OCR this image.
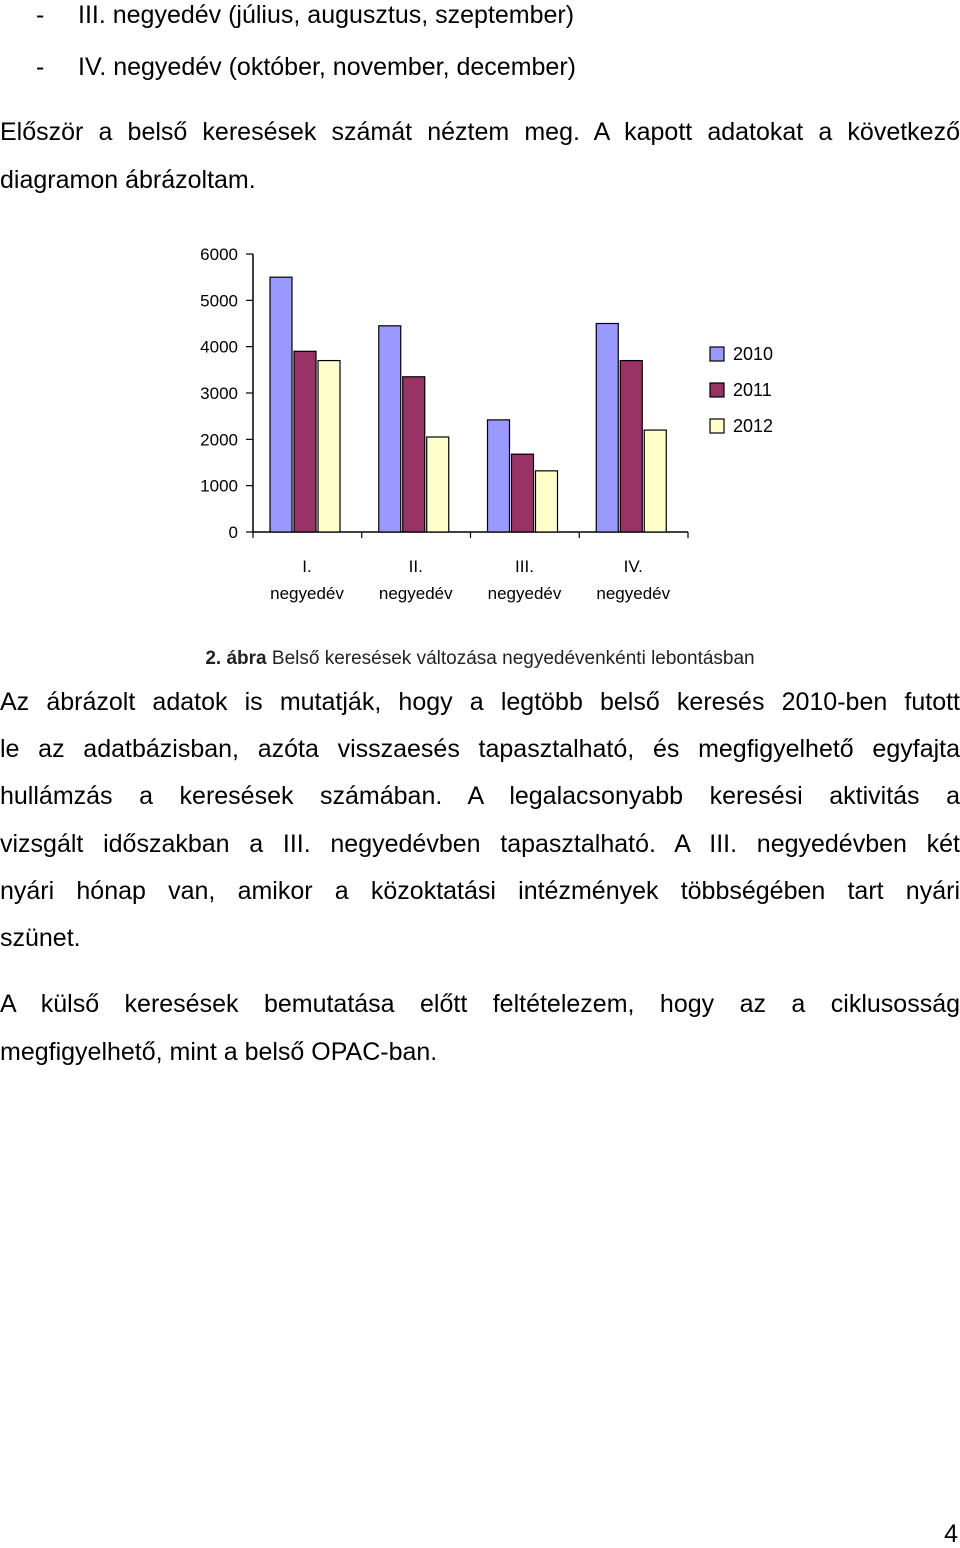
- III. negyedév (július, augusztus, szeptember)
- IV. negyedév (október, november, december)
Először a belső keresések számát néztem meg. A kapott adatokat a következő
diagramon ábrázoltam.
0
1000
2000
3000
4000
5000
6000
I.
negyedév
II.
negyedév
III.
negyedév
IV.
negyedév
2010
2011
2012
2. ábra Belső keresések változása negyedévenkénti lebontásban
Az ábrázolt adatok is mutatják, hogy a legtöbb belső keresés 2010-ben futott
le az adatbázisban, azóta visszaesés tapasztalható, és megfigyelhető egyfajta
hullámzás a keresések számában. A legalacsonyabb keresési aktivitás a
vizsgált időszakban a III. negyedévben tapasztalható. A III. negyedévben két
nyári hónap van, amikor a közoktatási intézmények többségében tart nyári
szünet.
A külső keresések bemutatása előtt feltételezem, hogy az a ciklusosság
megfigyelhető, mint a belső OPAC-ban.
4
